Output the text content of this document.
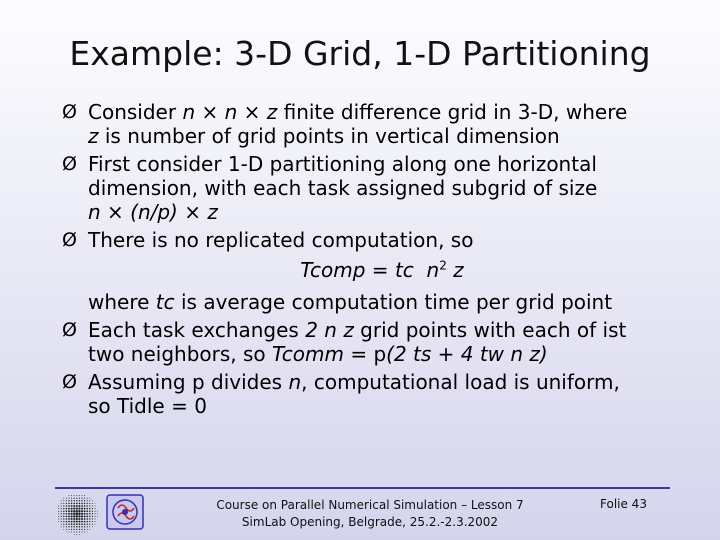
Example: 3-D Grid, 1-D Partitioning
Ø Consider n × n × z finite difference grid in 3-D, where
z is number of grid points in vertical dimension
Ø First consider 1-D partitioning along one horizontal
dimension, with each task assigned subgrid of size
n × (n/p) × z
Ø There is no replicated computation, so
Tcomp = tc $n^2$ z
where tc is average computation time per grid point
Ø Each task exchanges 2 n z grid points with each of ist
two neighbors, so Tcomm = p(2 ts + 4 tw n z)
Ø Assuming p divides n, computational load is uniform,
so Tidle = 0
Course on Parallel Numerical Simulation – Lesson 7
SimLab Opening, Belgrade, 25.2.-2.3.2002
Folie 43
